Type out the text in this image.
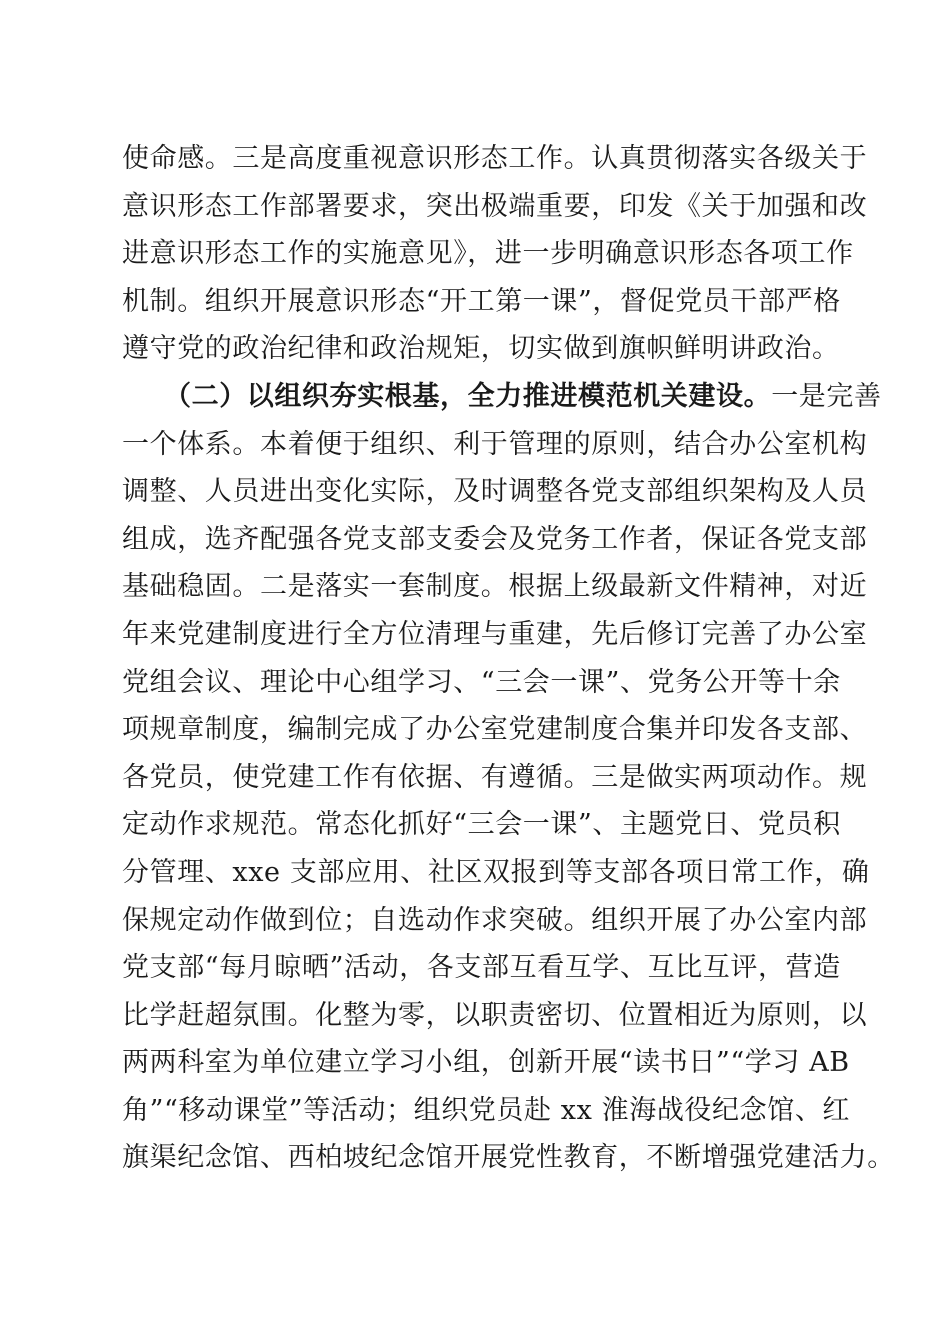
使命感。三是高度重视意识形态工作。认真贯彻落实各级关于
意识形态工作部署要求，突出极端重要，印发《关于加强和改
进意识形态工作的实施意见》，进一步明确意识形态各项工作
机制。组织开展意识形态“开工第一课”，督促党员干部严格
遵守党的政治纪律和政治规矩，切实做到旗帜鲜明讲政治。
（二）以组织夯实根基，全力推进模范机关建设。一是完善
一个体系。本着便于组织、利于管理的原则，结合办公室机构
调整、人员进出变化实际，及时调整各党支部组织架构及人员
组成，选齐配强各党支部支委会及党务工作者，保证各党支部
基础稳固。二是落实一套制度。根据上级最新文件精神，对近
年来党建制度进行全方位清理与重建，先后修订完善了办公室
党组会议、理论中心组学习、“三会一课”、党务公开等十余
项规章制度，编制完成了办公室党建制度合集并印发各支部、
各党员，使党建工作有依据、有遵循。三是做实两项动作。规
定动作求规范。常态化抓好“三会一课”、主题党日、党员积
分管理、xxe 支部应用、社区双报到等支部各项日常工作，确
保规定动作做到位；自选动作求突破。组织开展了办公室内部
党支部“每月晾晒”活动，各支部互看互学、互比互评，营造
比学赶超氛围。化整为零，以职责密切、位置相近为原则，以
两两科室为单位建立学习小组，创新开展“读书日”“学习 AB
角”“移动课堂”等活动；组织党员赴 xx 淮海战役纪念馆、红
旗渠纪念馆、西柏坡纪念馆开展党性教育，不断增强党建活力。
